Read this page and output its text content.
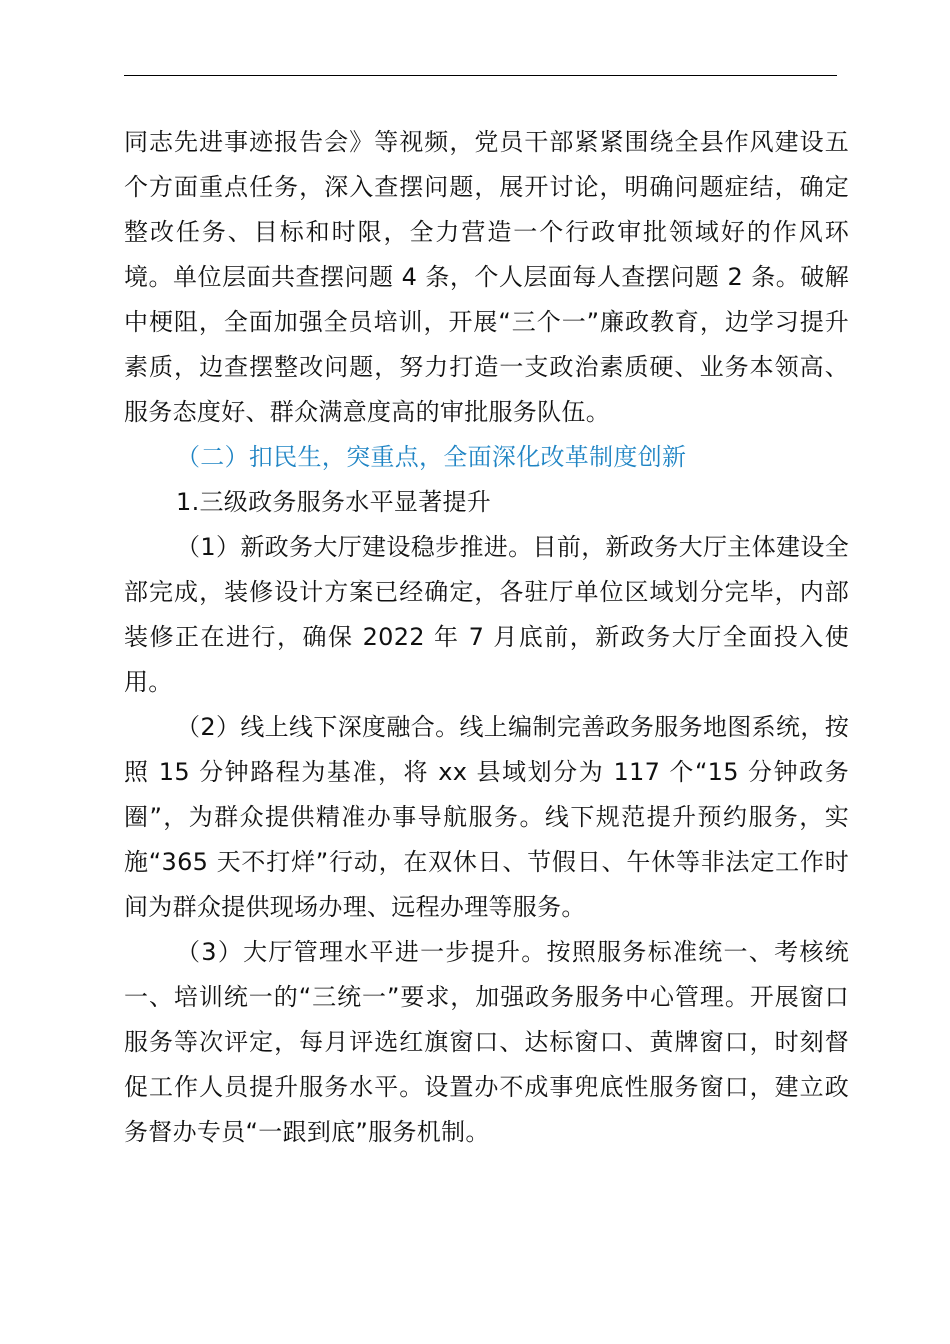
同志先进事迹报告会》等视频，党员干部紧紧围绕全县作风建设五个方面重点任务，深入查摆问题，展开讨论，明确问题症结，确定整改任务、目标和时限，全力营造一个行政审批领域好的作风环境。单位层面共查摆问题 4 条，个人层面每人查摆问题 2 条。破解中梗阻，全面加强全员培训，开展“三个一”廉政教育，边学习提升素质，边查摆整改问题，努力打造一支政治素质硬、业务本领高、服务态度好、群众满意度高的审批服务队伍。

（二）扣民生，突重点，全面深化改革制度创新

1.三级政务服务水平显著提升

（1）新政务大厅建设稳步推进。目前，新政务大厅主体建设全部完成，装修设计方案已经确定，各驻厅单位区域划分完毕，内部装修正在进行，确保 2022 年 7 月底前，新政务大厅全面投入使用。

（2）线上线下深度融合。线上编制完善政务服务地图系统，按照 15 分钟路程为基准，将 xx 县域划分为 117 个“15 分钟政务圈”，为群众提供精准办事导航服务。线下规范提升预约服务，实施“365 天不打烊”行动，在双休日、节假日、午休等非法定工作时间为群众提供现场办理、远程办理等服务。

（3）大厅管理水平进一步提升。按照服务标准统一、考核统一、培训统一的“三统一”要求，加强政务服务中心管理。开展窗口服务等次评定，每月评选红旗窗口、达标窗口、黄牌窗口，时刻督促工作人员提升服务水平。设置办不成事兜底性服务窗口，建立政务督办专员“一跟到底”服务机制。
